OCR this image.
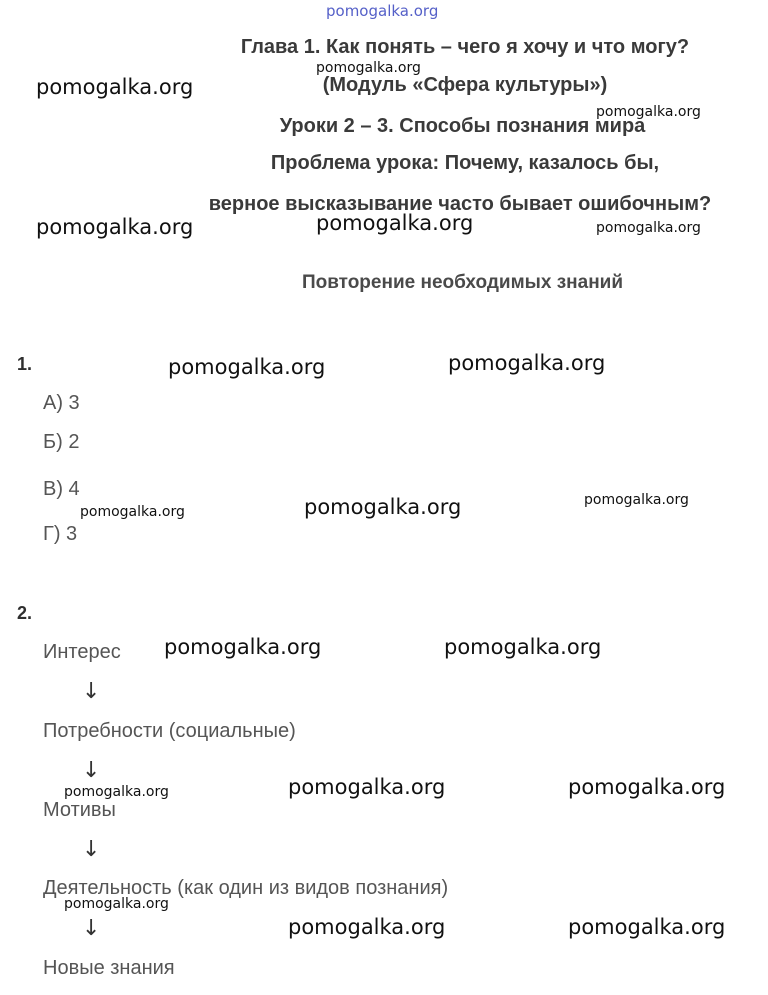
pomogalka.org
Глава 1. Как понять – чего я хочу и что могу?
(Модуль «Сфера культуры»)
Уроки 2 – 3. Способы познания мира
Проблема урока: Почему, казалось бы,
верное высказывание часто бывает ошибочным?
Повторение необходимых знаний
1.
А) 3
Б) 2
В) 4
Г) 3
2.
Интерес
↓
Потребности (социальные)
↓
Мотивы
↓
Деятельность (как один из видов познания)
↓
Новые знания
pomogalka.org
pomogalka.org
pomogalka.org
pomogalka.org	pomogalka.org	pomogalka.org
pomogalka.org	pomogalka.org
pomogalka.org	pomogalka.org	pomogalka.org
pomogalka.org	pomogalka.org
pomogalka.org	pomogalka.org	pomogalka.org
pomogalka.org
pomogalka.org	pomogalka.org
